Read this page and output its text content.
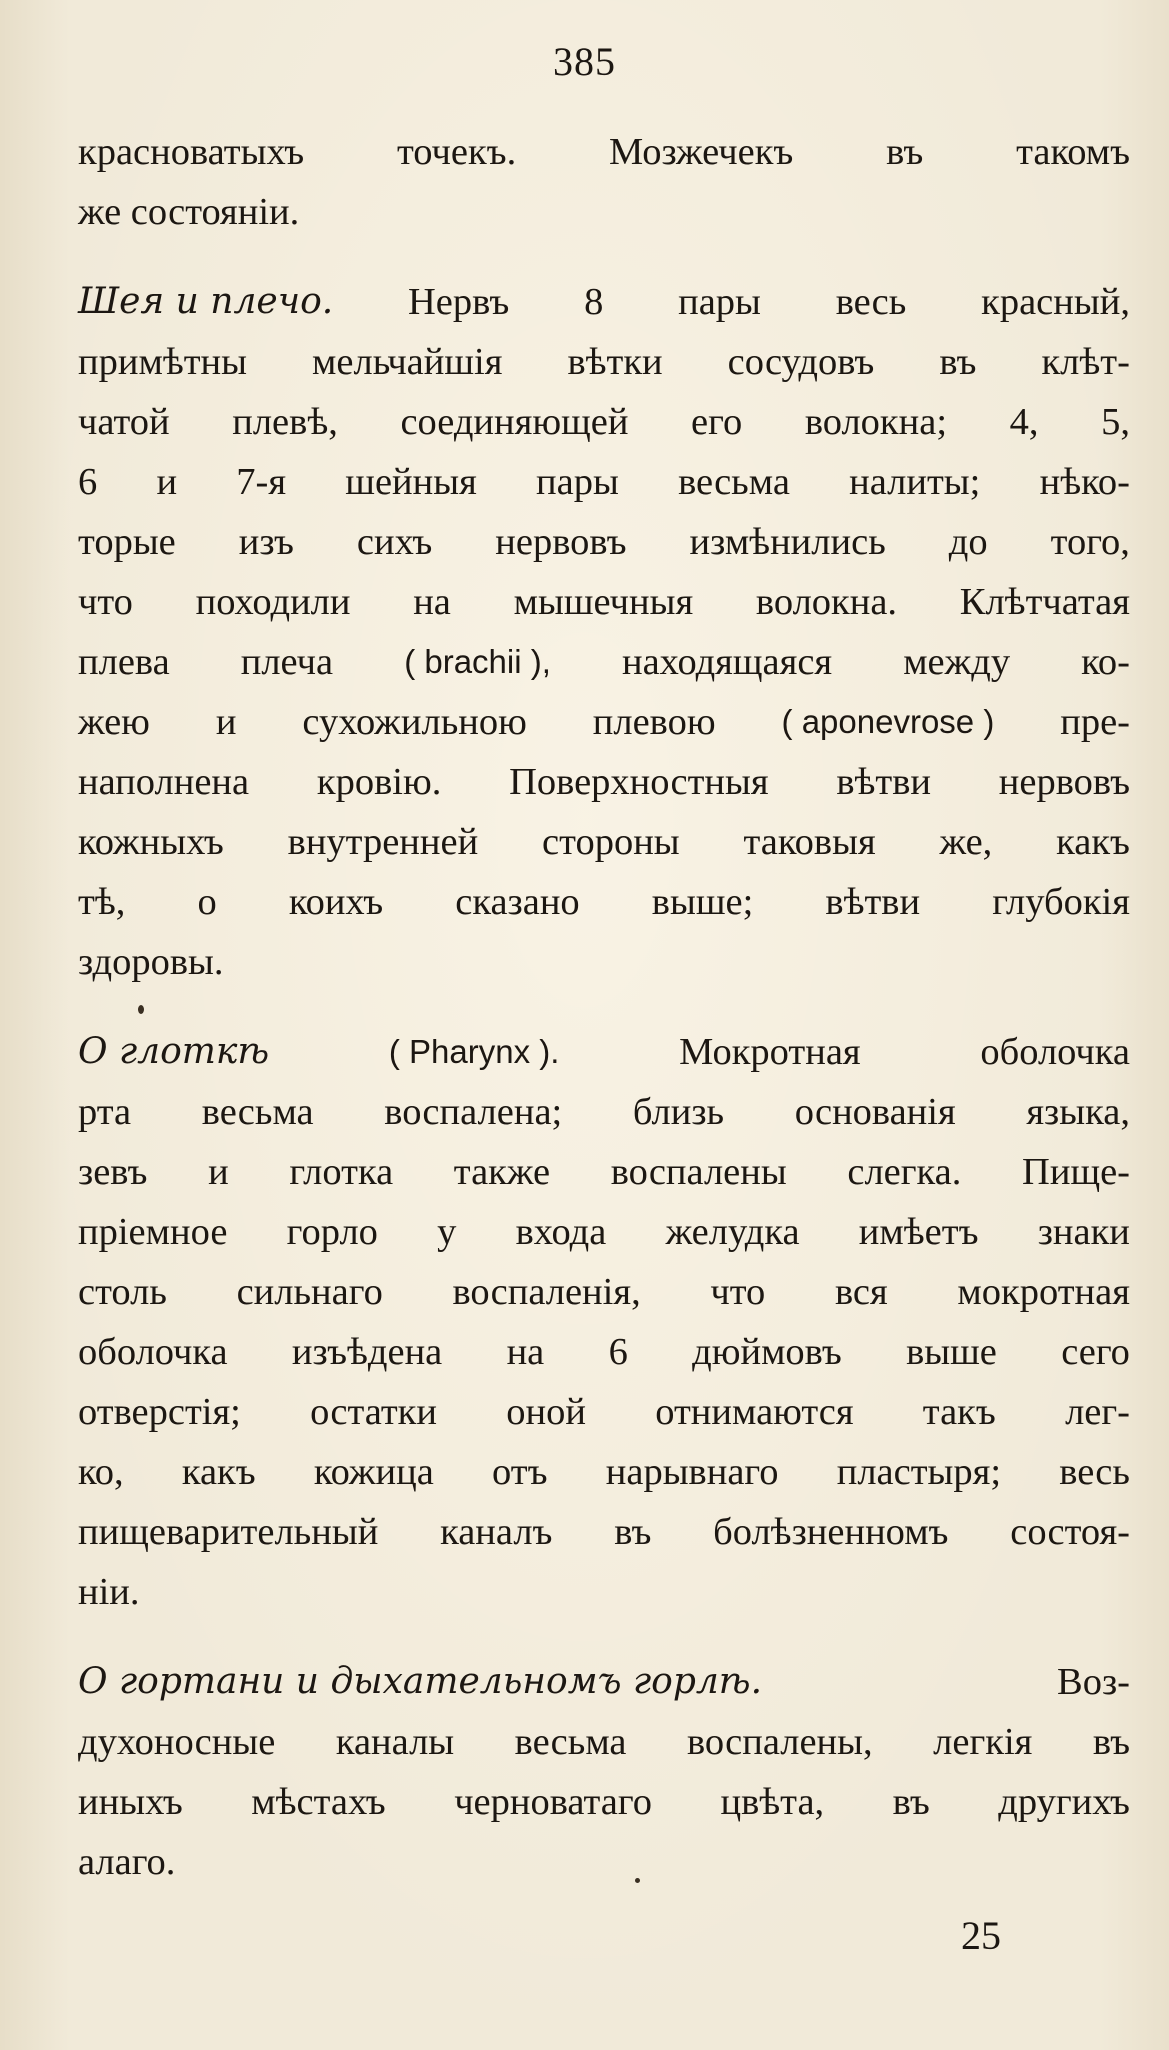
385
красноватыхъ точекъ. Мозжечекъ въ такомъ
же состояніи.
Шея и плечо. Нервъ 8 пары весь красный,
примѣтны мельчайшія вѣтки сосудовъ въ клѣт-
чатой плевѣ, соединяющей его волокна; 4, 5,
6 и 7-я шейныя пары весьма налиты; нѣко-
торые изъ сихъ нервовъ измѣнились до того,
что походили на мышечныя волокна. Клѣтчатая
плева плеча ( brachii ), находящаяся между ко-
жею и сухожильною плевою ( aponevrose ) пре-
наполнена кровію. Поверхностныя вѣтви нервовъ
кожныхъ внутренней стороны таковыя же, какъ
тѣ, о коихъ сказано выше; вѣтви глубокія
здоровы.
О глоткѣ	( Pharynx ).	Мокротная	оболочка
рта весьма воспалена; близь основанія языка,
зевъ и глотка также воспалены слегка. Пище-
пріемное горло у входа желудка имѣетъ знаки
столь сильнаго воспаленія, что вся мокротная
оболочка изъѣдена на 6 дюймовъ выше сего
отверстія; остатки оной отнимаются такъ лег-
ко, какъ кожица отъ нарывнаго пластыря; весь
пищеварительный каналъ въ болѣзненномъ состоя-
ніи.
О гортани и дыхательномъ горлѣ.	Воз-
духоносные каналы весьма воспалены, легкія въ
иныхъ мѣстахъ черноватаго цвѣта, въ другихъ
алаго.
25
